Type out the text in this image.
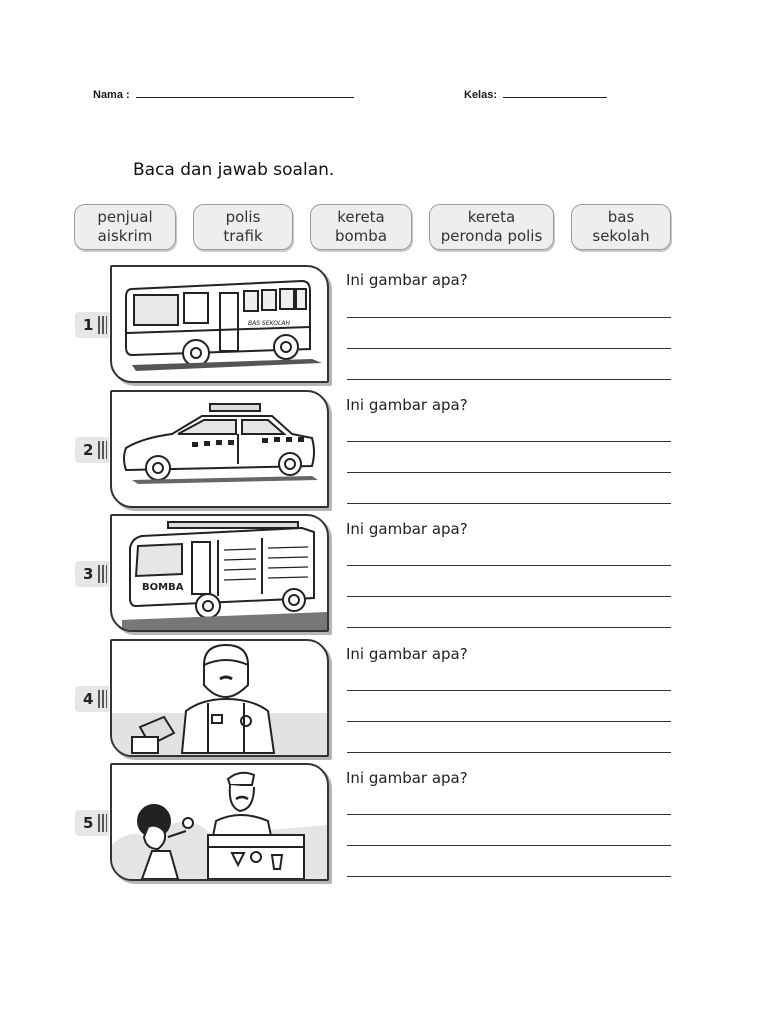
Nama :	Kelas:
Baca dan jawab soalan.
penjual
aiskrim
polis
trafik
kereta
bomba
kereta
peronda polis
bas
sekolah
1	BAS SEKOLAH
Ini gambar apa?
2
Ini gambar apa?
3
BOMBA
Ini gambar apa?
4
Ini gambar apa?
5
Ini gambar apa?
